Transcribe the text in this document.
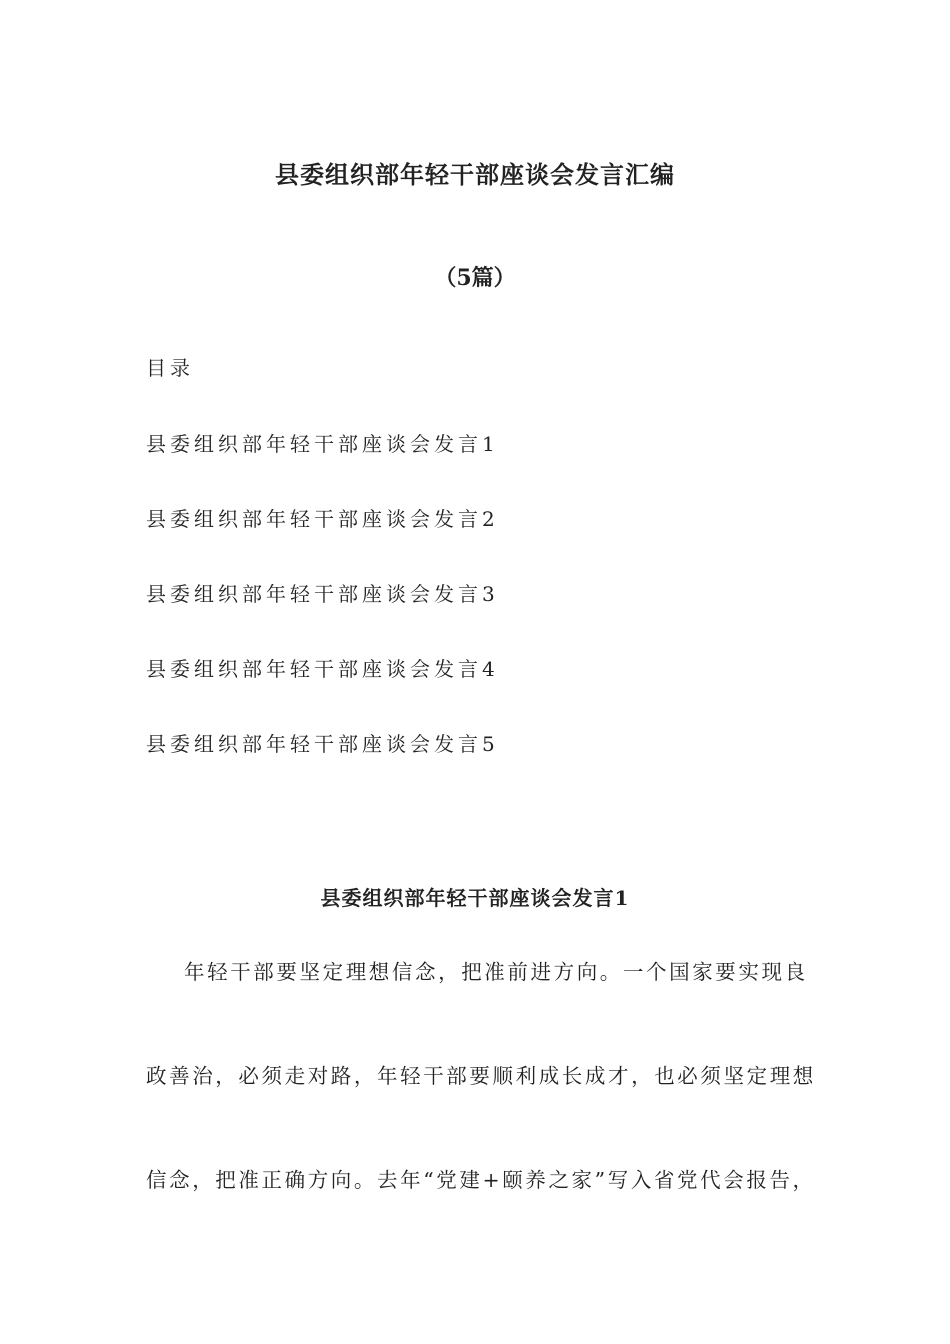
县委组织部年轻干部座谈会发言汇编
（5篇）
目录
县委组织部年轻干部座谈会发言1
县委组织部年轻干部座谈会发言2
县委组织部年轻干部座谈会发言3
县委组织部年轻干部座谈会发言4
县委组织部年轻干部座谈会发言5
县委组织部年轻干部座谈会发言1
年轻干部要坚定理想信念，把准前进方向。一个国家要实现良
政善治，必须走对路，年轻干部要顺利成长成才，也必须坚定理想
信念，把准正确方向。去年“党建+颐养之家”写入省党代会报告，
